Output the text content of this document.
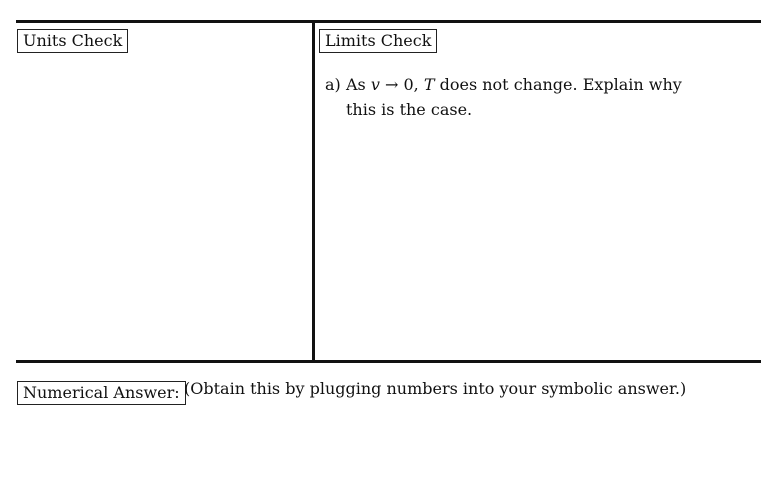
Units Check	Limits Check
a) As v → 0, T does not change. Explain why
this is the case.
Numerical Answer: (Obtain this by plugging numbers into your symbolic answer.)
